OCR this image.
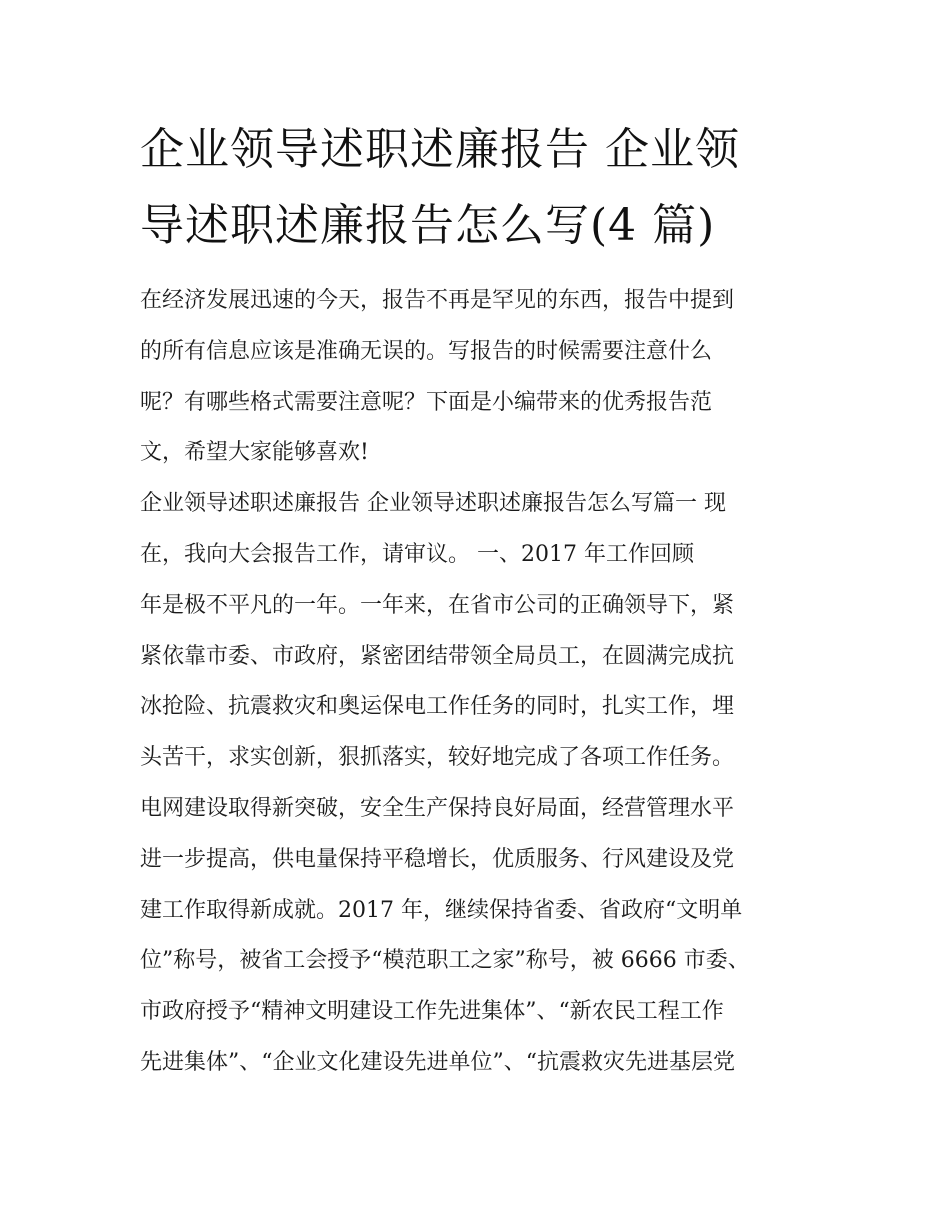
企业领导述职述廉报告 企业领
导述职述廉报告怎么写(4 篇)
在经济发展迅速的今天，报告不再是罕见的东西，报告中提到
的所有信息应该是准确无误的。写报告的时候需要注意什么
呢？有哪些格式需要注意呢？下面是小编带来的优秀报告范
文，希望大家能够喜欢!
企业领导述职述廉报告 企业领导述职述廉报告怎么写篇一 现
在，我向大会报告工作，请审议。 一、2017 年工作回顾
年是极不平凡的一年。一年来，在省市公司的正确领导下，紧
紧依靠市委、市政府，紧密团结带领全局员工，在圆满完成抗
冰抢险、抗震救灾和奥运保电工作任务的同时，扎实工作，埋
头苦干，求实创新，狠抓落实，较好地完成了各项工作任务。
电网建设取得新突破，安全生产保持良好局面，经营管理水平
进一步提高，供电量保持平稳增长，优质服务、行风建设及党
建工作取得新成就。2017 年，继续保持省委、省政府“文明单
位”称号，被省工会授予“模范职工之家”称号，被 6666 市委、
市政府授予“精神文明建设工作先进集体”、“新农民工程工作
先进集体”、“企业文化建设先进单位”、“抗震救灾先进基层党
